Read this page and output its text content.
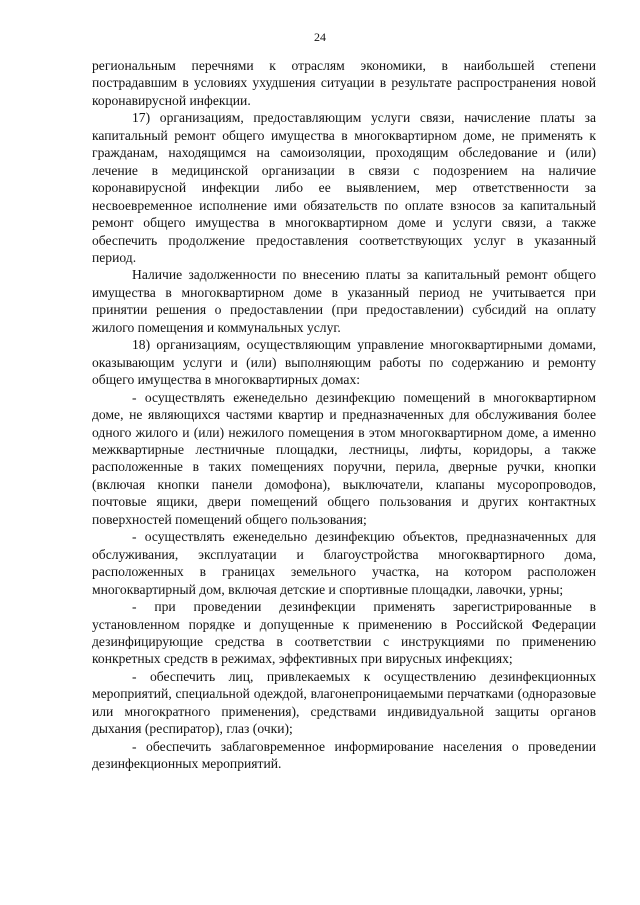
24

региональным перечнями к отраслям экономики, в наибольшей степени пострадавшим в условиях ухудшения ситуации в результате распространения новой коронавирусной инфекции.

17) организациям, предоставляющим услуги связи, начисление платы за капитальный ремонт общего имущества в многоквартирном доме, не применять к гражданам, находящимся на самоизоляции, проходящим обследование и (или) лечение в медицинской организации в связи с подозрением на наличие коронавирусной инфекции либо ее выявлением, мер ответственности за несвоевременное исполнение ими обязательств по оплате взносов за капитальный ремонт общего имущества в многоквартирном доме и услуги связи, а также обеспечить продолжение предоставления соответствующих услуг в указанный период.

Наличие задолженности по внесению платы за капитальный ремонт общего имущества в многоквартирном доме в указанный период не учитывается при принятии решения о предоставлении (при предоставлении) субсидий на оплату жилого помещения и коммунальных услуг.

18) организациям, осуществляющим управление многоквартирными домами, оказывающим услуги и (или) выполняющим работы по содержанию и ремонту общего имущества в многоквартирных домах:

- осуществлять еженедельно дезинфекцию помещений в многоквартирном доме, не являющихся частями квартир и предназначенных для обслуживания более одного жилого и (или) нежилого помещения в этом многоквартирном доме, а именно межквартирные лестничные площадки, лестницы, лифты, коридоры, а также расположенные в таких помещениях поручни, перила, дверные ручки, кнопки (включая кнопки панели домофона), выключатели, клапаны мусоропроводов, почтовые ящики, двери помещений общего пользования и других контактных поверхностей помещений общего пользования;

- осуществлять еженедельно дезинфекцию объектов, предназначенных для обслуживания, эксплуатации и благоустройства многоквартирного дома, расположенных в границах земельного участка, на котором расположен многоквартирный дом, включая детские и спортивные площадки, лавочки, урны;

- при проведении дезинфекции применять зарегистрированные в установленном порядке и допущенные к применению в Российской Федерации дезинфицирующие средства в соответствии с инструкциями по применению конкретных средств в режимах, эффективных при вирусных инфекциях;

- обеспечить лиц, привлекаемых к осуществлению дезинфекционных мероприятий, специальной одеждой, влагонепроницаемыми перчатками (одноразовые или многократного применения), средствами индивидуальной защиты органов дыхания (респиратор), глаз (очки);

- обеспечить заблаговременное информирование населения о проведении дезинфекционных мероприятий.
